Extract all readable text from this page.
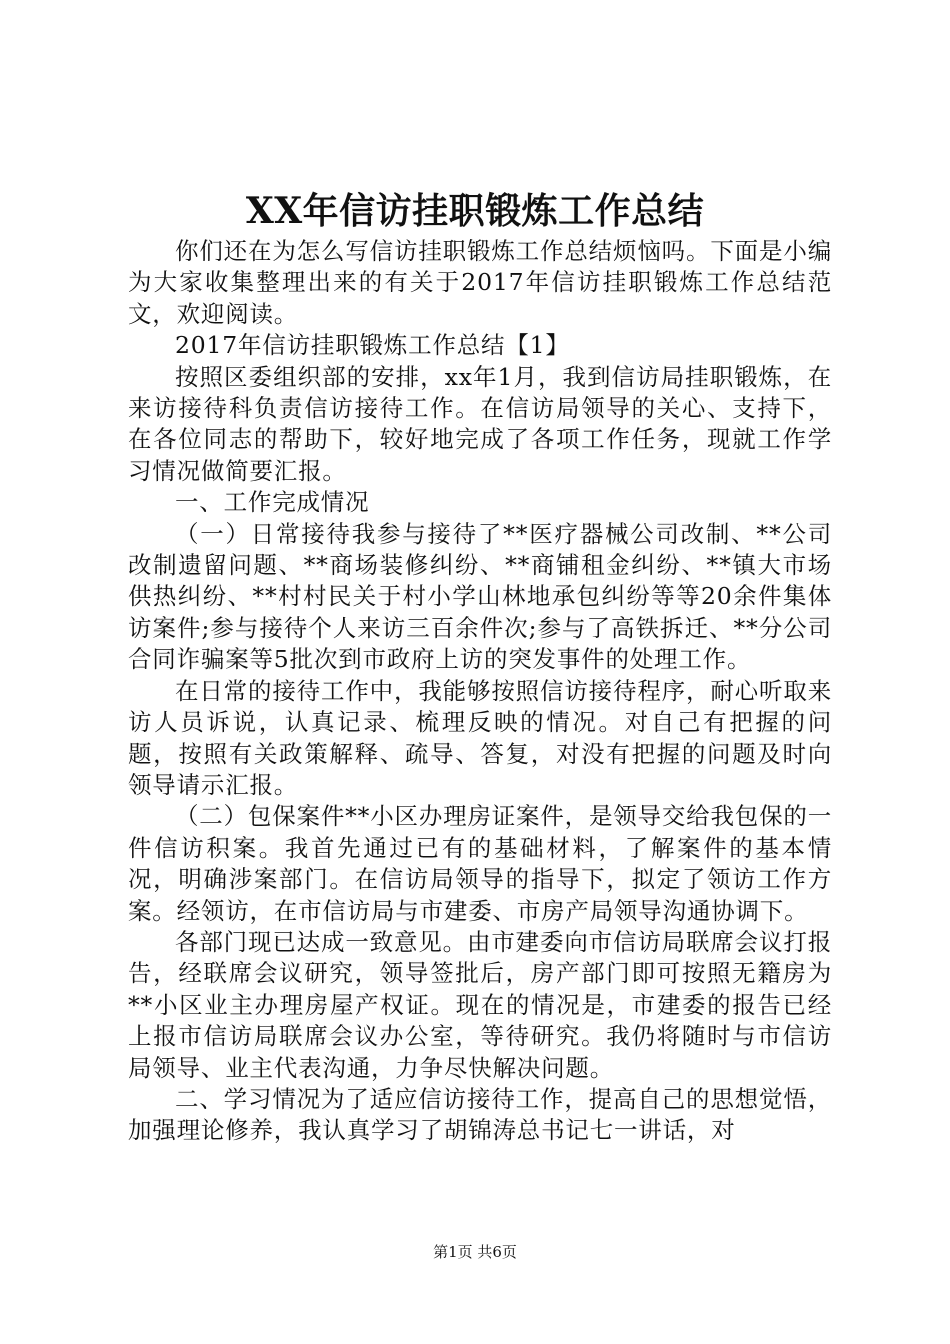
XX年信访挂职锻炼工作总结

你们还在为怎么写信访挂职锻炼工作总结烦恼吗。下面是小编为大家收集整理出来的有关于2017年信访挂职锻炼工作总结范文，欢迎阅读。

2017年信访挂职锻炼工作总结【1】

按照区委组织部的安排，xx年1月，我到信访局挂职锻炼，在来访接待科负责信访接待工作。在信访局领导的关心、支持下，在各位同志的帮助下，较好地完成了各项工作任务，现就工作学习情况做简要汇报。

一、工作完成情况

（一）日常接待我参与接待了**医疗器械公司改制、**公司改制遗留问题、**商场装修纠纷、**商铺租金纠纷、**镇大市场供热纠纷、**村村民关于村小学山林地承包纠纷等等20余件集体访案件;参与接待个人来访三百余件次;参与了高铁拆迁、**分公司合同诈骗案等5批次到市政府上访的突发事件的处理工作。

在日常的接待工作中，我能够按照信访接待程序，耐心听取来访人员诉说，认真记录、梳理反映的情况。对自己有把握的问题，按照有关政策解释、疏导、答复，对没有把握的问题及时向领导请示汇报。

（二）包保案件**小区办理房证案件，是领导交给我包保的一件信访积案。我首先通过已有的基础材料，了解案件的基本情况，明确涉案部门。在信访局领导的指导下，拟定了领访工作方案。经领访，在市信访局与市建委、市房产局领导沟通协调下。

各部门现已达成一致意见。由市建委向市信访局联席会议打报告，经联席会议研究，领导签批后，房产部门即可按照无籍房为**小区业主办理房屋产权证。现在的情况是，市建委的报告已经上报市信访局联席会议办公室，等待研究。我仍将随时与市信访局领导、业主代表沟通，力争尽快解决问题。

二、学习情况为了适应信访接待工作，提高自己的思想觉悟，加强理论修养，我认真学习了胡锦涛总书记七一讲话，对

第1页 共6页
